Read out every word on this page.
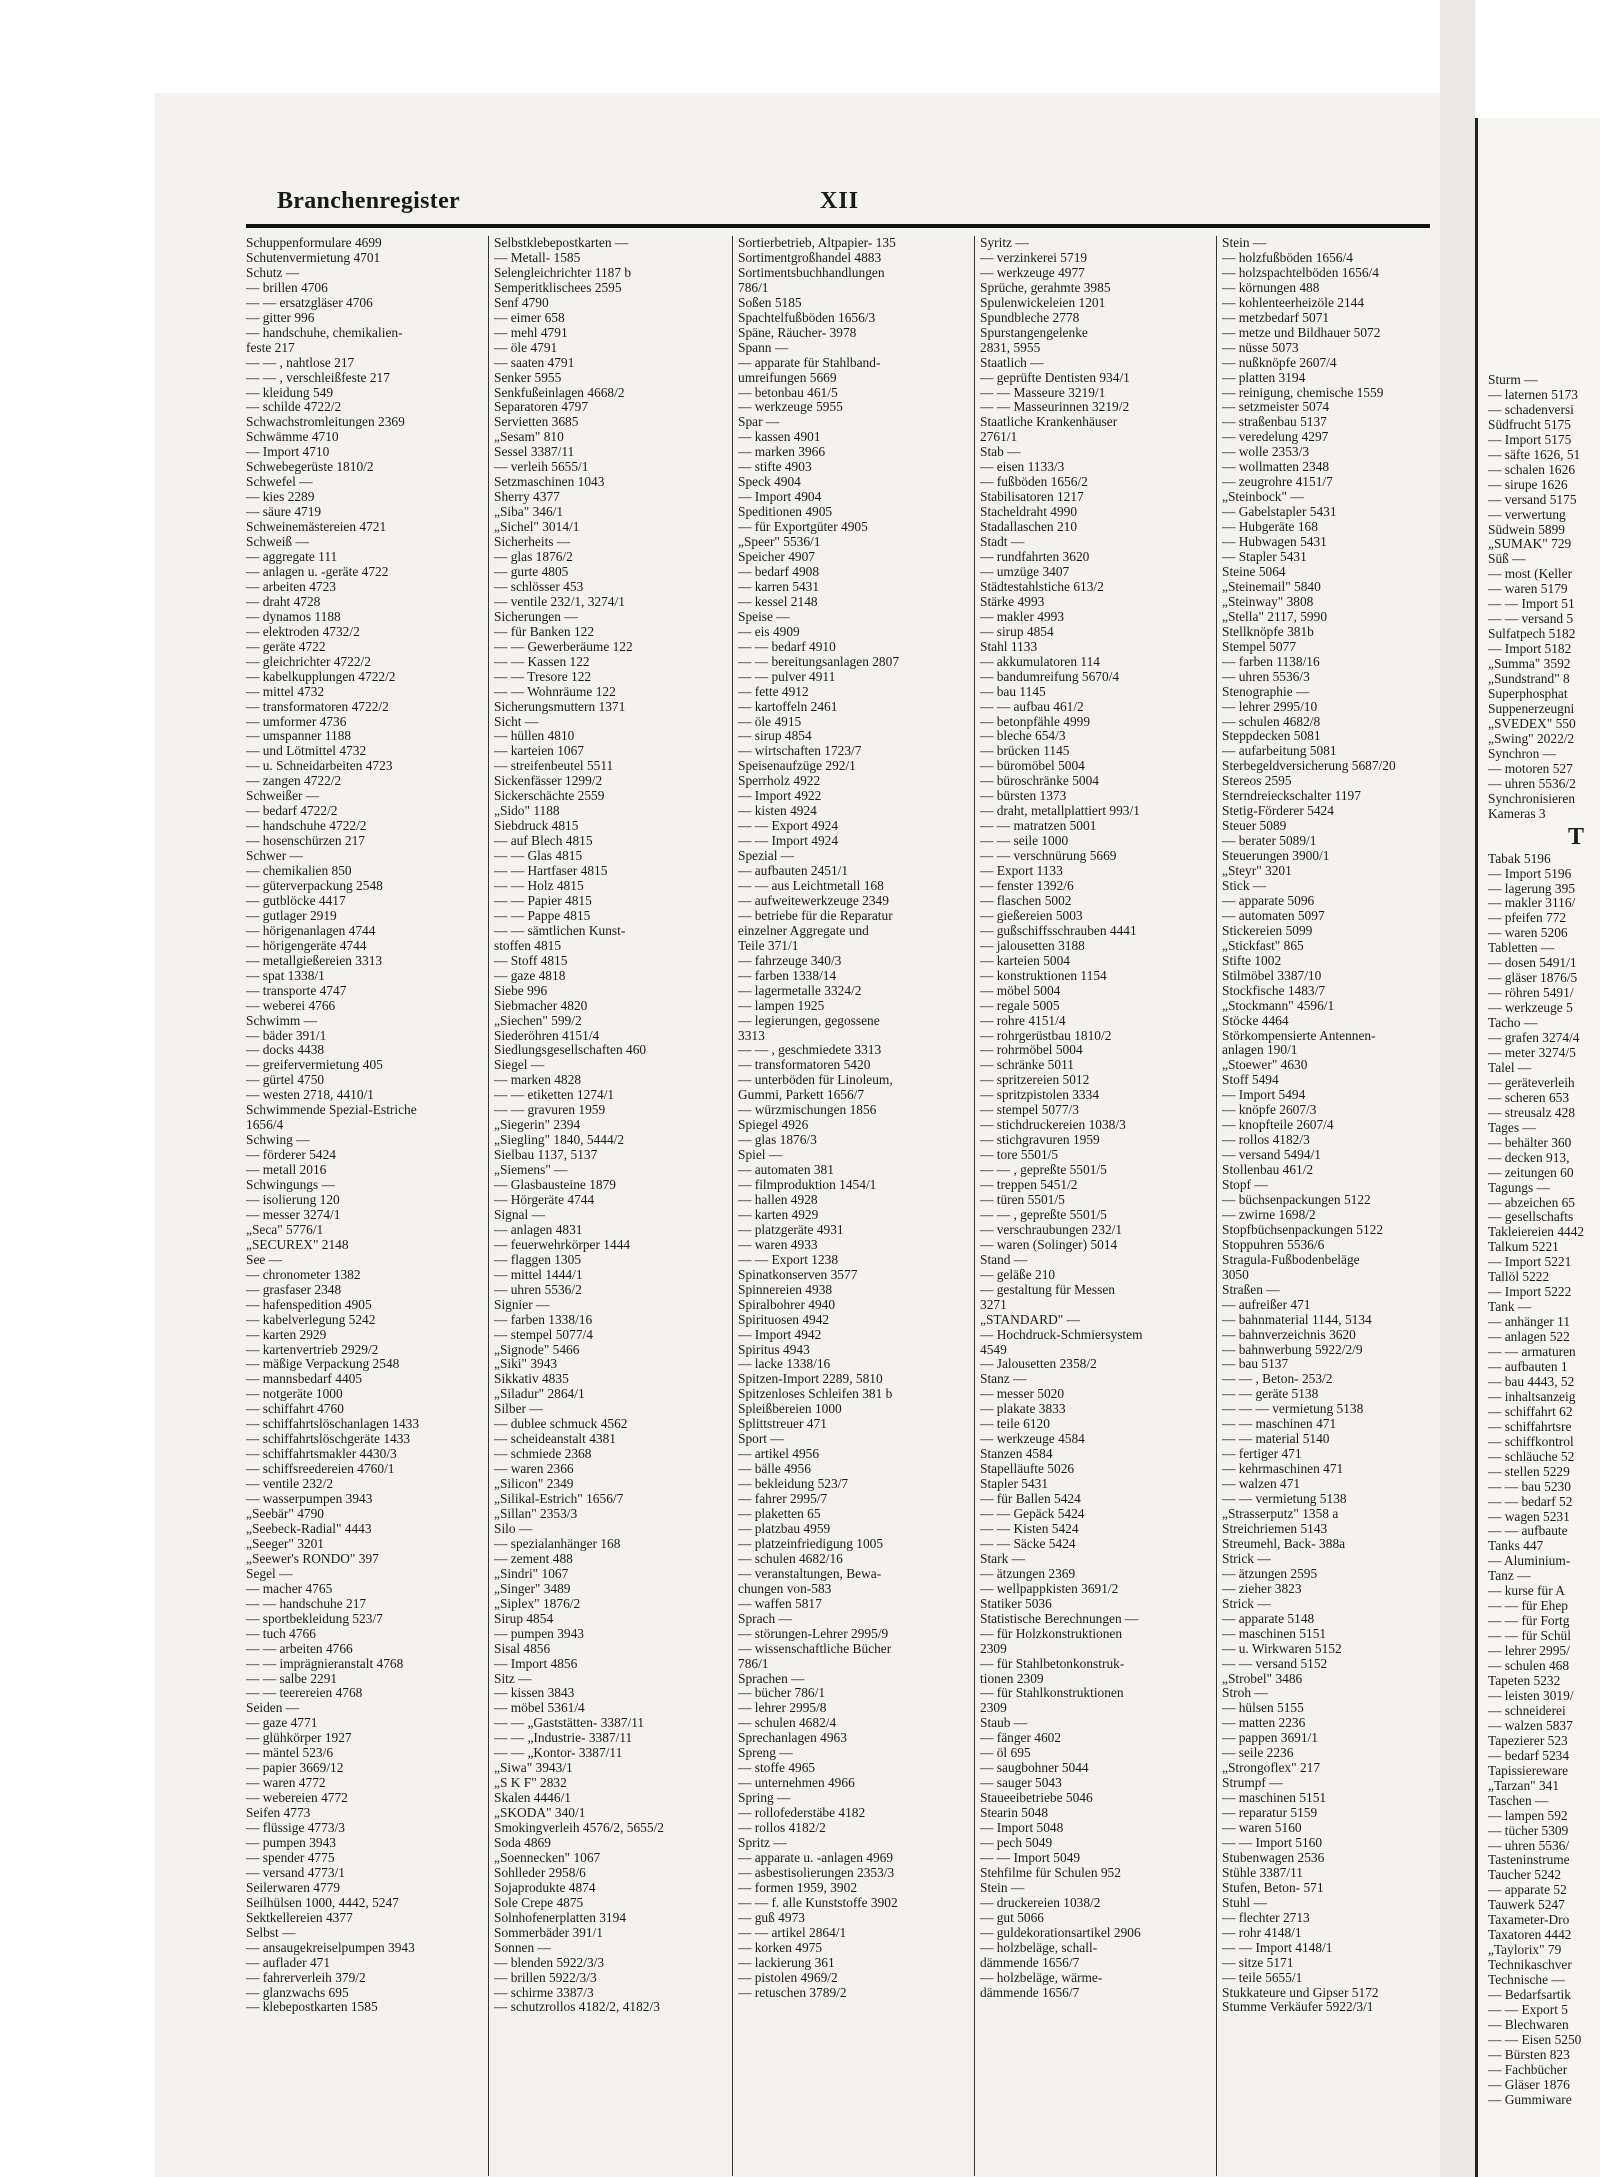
Branchenregister	XII
Schuppenformulare 4699
Schutenvermietung 4701
Schutz —
— brillen 4706
— — ersatzgläser 4706
— gitter 996
— handschuhe, chemikalien-
feste 217
— — , nahtlose 217
— — , verschleißfeste 217
— kleidung 549
— schilde 4722/2
Schwachstromleitungen 2369
Schwämme 4710
— Import 4710
Schwebegerüste 1810/2
Schwefel —
— kies 2289
— säure 4719
Schweinemästereien 4721
Schweiß —
— aggregate 111
— anlagen u. -geräte 4722
— arbeiten 4723
— draht 4728
— dynamos 1188
— elektroden 4732/2
— geräte 4722
— gleichrichter 4722/2
— kabelkupplungen 4722/2
— mittel 4732
— transformatoren 4722/2
— umformer 4736
— umspanner 1188
— und Lötmittel 4732
— u. Schneidarbeiten 4723
— zangen 4722/2
Schweißer —
— bedarf 4722/2
— handschuhe 4722/2
— hosenschürzen 217
Schwer —
— chemikalien 850
— güterverpackung 2548
— gutblöcke 4417
— gutlager 2919
— hörigenanlagen 4744
— hörigengeräte 4744
— metallgießereien 3313
— spat 1338/1
— transporte 4747
— weberei 4766
Schwimm —
— bäder 391/1
— docks 4438
— greifervermietung 405
— gürtel 4750
— westen 2718, 4410/1
Schwimmende Spezial-Estriche
1656/4
Schwing —
— förderer 5424
— metall 2016
Schwingungs —
— isolierung 120
— messer 3274/1
„Seca" 5776/1
„SECUREX" 2148
See —
— chronometer 1382
— grasfaser 2348
— hafenspedition 4905
— kabelverlegung 5242
— karten 2929
— kartenvertrieb 2929/2
— mäßige Verpackung 2548
— mannsbedarf 4405
— notgeräte 1000
— schiffahrt 4760
— schiffahrtslöschanlagen 1433
— schiffahrtslöschgeräte 1433
— schiffahrtsmakler 4430/3
— schiffsreedereien 4760/1
— ventile 232/2
— wasserpumpen 3943
„Seebär" 4790
„Seebeck-Radial" 4443
„Seeger" 3201
„Seewer's RONDO" 397
Segel —
— macher 4765
— — handschuhe 217
— sportbekleidung 523/7
— tuch 4766
— — arbeiten 4766
— — imprägnieranstalt 4768
— — salbe 2291
— — teerereien 4768
Seiden —
— gaze 4771
— glühkörper 1927
— mäntel 523/6
— papier 3669/12
— waren 4772
— webereien 4772
Seifen 4773
— flüssige 4773/3
— pumpen 3943
— spender 4775
— versand 4773/1
Seilerwaren 4779
Seilhülsen 1000, 4442, 5247
Sektkellereien 4377
Selbst —
— ansaugekreiselpumpen 3943
— auflader 471
— fahrerverleih 379/2
— glanzwachs 695
— klebepostkarten 1585
Selbstklebepostkarten —
— Metall- 1585
Selengleichrichter 1187 b
Semperitklischees 2595
Senf 4790
— eimer 658
— mehl 4791
— öle 4791
— saaten 4791
Senker 5955
Senkfußeinlagen 4668/2
Separatoren 4797
Servietten 3685
„Sesam" 810
Sessel 3387/11
— verleih 5655/1
Setzmaschinen 1043
Sherry 4377
„Siba" 346/1
„Sichel" 3014/1
Sicherheits —
— glas 1876/2
— gurte 4805
— schlösser 453
— ventile 232/1, 3274/1
Sicherungen —
— für Banken 122
— — Gewerberäume 122
— — Kassen 122
— — Tresore 122
— — Wohnräume 122
Sicherungsmuttern 1371
Sicht —
— hüllen 4810
— karteien 1067
— streifenbeutel 5511
Sickenfässer 1299/2
Sickerschächte 2559
„Sido" 1188
Siebdruck 4815
— auf Blech 4815
— — Glas 4815
— — Hartfaser 4815
— — Holz 4815
— — Papier 4815
— — Pappe 4815
— — sämtlichen Kunst-
stoffen 4815
— Stoff 4815
— gaze 4818
Siebe 996
Siebmacher 4820
„Siechen" 599/2
Siederöhren 4151/4
Siedlungsgesellschaften 460
Siegel —
— marken 4828
— — etiketten 1274/1
— — gravuren 1959
„Siegerin" 2394
„Siegling" 1840, 5444/2
Sielbau 1137, 5137
„Siemens" —
— Glasbausteine 1879
— Hörgeräte 4744
Signal —
— anlagen 4831
— feuerwehrkörper 1444
— flaggen 1305
— mittel 1444/1
— uhren 5536/2
Signier —
— farben 1338/16
— stempel 5077/4
„Signode" 5466
„Siki" 3943
Sikkativ 4835
„Siladur" 2864/1
Silber —
— dublee schmuck 4562
— scheideanstalt 4381
— schmiede 2368
— waren 2366
„Silicon" 2349
„Silikal-Estrich" 1656/7
„Sillan" 2353/3
Silo —
— spezialanhänger 168
— zement 488
„Sindri" 1067
„Singer" 3489
„Siplex" 1876/2
Sirup 4854
— pumpen 3943
Sisal 4856
— Import 4856
Sitz —
— kissen 3843
— möbel 5361/4
— — „Gaststätten- 3387/11
— — „Industrie- 3387/11
— — „Kontor- 3387/11
„Siwa" 3943/1
„S K F" 2832
Skalen 4446/1
„SKODA" 340/1
Smokingverleih 4576/2, 5655/2
Soda 4869
„Soennecken" 1067
Sohlleder 2958/6
Sojaprodukte 4874
Sole Crepe 4875
Solnhofenerplatten 3194
Sommerbäder 391/1
Sonnen —
— blenden 5922/3/3
— brillen 5922/3/3
— schirme 3387/3
— schutzrollos 4182/2, 4182/3
Sortierbetrieb, Altpapier- 135
Sortimentgroßhandel 4883
Sortimentsbuchhandlungen
786/1
Soßen 5185
Spachtelfußböden 1656/3
Späne, Räucher- 3978
Spann —
— apparate für Stahlband-
umreifungen 5669
— betonbau 461/5
— werkzeuge 5955
Spar —
— kassen 4901
— marken 3966
— stifte 4903
Speck 4904
— Import 4904
Speditionen 4905
— für Exportgüter 4905
„Speer" 5536/1
Speicher 4907
— bedarf 4908
— karren 5431
— kessel 2148
Speise —
— eis 4909
— — bedarf 4910
— — bereitungsanlagen 2807
— — pulver 4911
— fette 4912
— kartoffeln 2461
— öle 4915
— sirup 4854
— wirtschaften 1723/7
Speisenaufzüge 292/1
Sperrholz 4922
— Import 4922
— kisten 4924
— — Export 4924
— — Import 4924
Spezial —
— aufbauten 2451/1
— — aus Leichtmetall 168
— aufweitewerkzeuge 2349
— betriebe für die Reparatur
einzelner Aggregate und
Teile 371/1
— fahrzeuge 340/3
— farben 1338/14
— lagermetalle 3324/2
— lampen 1925
— legierungen, gegossene
3313
— — , geschmiedete 3313
— transformatoren 5420
— unterböden für Linoleum,
Gummi, Parkett 1656/7
— würzmischungen 1856
Spiegel 4926
— glas 1876/3
Spiel —
— automaten 381
— filmproduktion 1454/1
— hallen 4928
— karten 4929
— platzgeräte 4931
— waren 4933
— — Export 1238
Spinatkonserven 3577
Spinnereien 4938
Spiralbohrer 4940
Spirituosen 4942
— Import 4942
Spiritus 4943
— lacke 1338/16
Spitzen-Import 2289, 5810
Spitzenloses Schleifen 381 b
Spleißbereien 1000
Splittstreuer 471
Sport —
— artikel 4956
— bälle 4956
— bekleidung 523/7
— fahrer 2995/7
— plaketten 65
— platzbau 4959
— platzeinfriedigung 1005
— schulen 4682/16
— veranstaltungen, Bewa-
chungen von-583
— waffen 5817
Sprach —
— störungen-Lehrer 2995/9
— wissenschaftliche Bücher
786/1
Sprachen —
— bücher 786/1
— lehrer 2995/8
— schulen 4682/4
Sprechanlagen 4963
Spreng —
— stoffe 4965
— unternehmen 4966
Spring —
— rollofederstäbe 4182
— rollos 4182/2
Spritz —
— apparate u. -anlagen 4969
— asbestisolierungen 2353/3
— formen 1959, 3902
— — f. alle Kunststoffe 3902
— guß 4973
— — artikel 2864/1
— korken 4975
— lackierung 361
— pistolen 4969/2
— retuschen 3789/2
Syritz —
— verzinkerei 5719
— werkzeuge 4977
Sprüche, gerahmte 3985
Spulenwickeleien 1201
Spundbleche 2778
Spurstangengelenke
2831, 5955
Staatlich —
— geprüfte Dentisten 934/1
— — Masseure 3219/1
— — Masseurinnen 3219/2
Staatliche Krankenhäuser
2761/1
Stab —
— eisen 1133/3
— fußböden 1656/2
Stabilisatoren 1217
Stacheldraht 4990
Stadallaschen 210
Stadt —
— rundfahrten 3620
— umzüge 3407
Städtestahlstiche 613/2
Stärke 4993
— makler 4993
— sirup 4854
Stahl 1133
— akkumulatoren 114
— bandumreifung 5670/4
— bau 1145
— — aufbau 461/2
— betonpfähle 4999
— bleche 654/3
— brücken 1145
— büromöbel 5004
— büroschränke 5004
— bürsten 1373
— draht, metallplattiert 993/1
— — matratzen 5001
— — seile 1000
— — verschnürung 5669
— Export 1133
— fenster 1392/6
— flaschen 5002
— gießereien 5003
— gußschiffsschrauben 4441
— jalousetten 3188
— karteien 5004
— konstruktionen 1154
— möbel 5004
— regale 5005
— rohre 4151/4
— rohrgerüstbau 1810/2
— rohrmöbel 5004
— schränke 5011
— spritzereien 5012
— spritzpistolen 3334
— stempel 5077/3
— stichdruckereien 1038/3
— stichgravuren 1959
— tore 5501/5
— — , gepreßte 5501/5
— treppen 5451/2
— türen 5501/5
— — , gepreßte 5501/5
— verschraubungen 232/1
— waren (Solinger) 5014
Stand —
— geläße 210
— gestaltung für Messen
3271
„STANDARD" —
— Hochdruck-Schmiersystem
4549
— Jalousetten 2358/2
Stanz —
— messer 5020
— plakate 3833
— teile 6120
— werkzeuge 4584
Stanzen 4584
Stapelläufte 5026
Stapler 5431
— für Ballen 5424
— — Gepäck 5424
— — Kisten 5424
— — Säcke 5424
Stark —
— ätzungen 2369
— wellpappkisten 3691/2
Statiker 5036
Statistische Berechnungen —
— für Holzkonstruktionen
2309
— für Stahlbetonkonstruk-
tionen 2309
— für Stahlkonstruktionen
2309
Staub —
— fänger 4602
— öl 695
— saugbohner 5044
— sauger 5043
Staueeibetriebe 5046
Stearin 5048
— Import 5048
— pech 5049
— — Import 5049
Stehfilme für Schulen 952
Stein —
— druckereien 1038/2
— gut 5066
— guldekorationsartikel 2906
— holzbeläge, schall-
dämmende 1656/7
— holzbeläge, wärme-
dämmende 1656/7
Stein —
— holzfußböden 1656/4
— holzspachtelböden 1656/4
— körnungen 488
— kohlenteerheizöle 2144
— metzbedarf 5071
— metze und Bildhauer 5072
— nüsse 5073
— nußknöpfe 2607/4
— platten 3194
— reinigung, chemische 1559
— setzmeister 5074
— straßenbau 5137
— veredelung 4297
— wolle 2353/3
— wollmatten 2348
— zeugrohre 4151/7
„Steinbock" —
— Gabelstapler 5431
— Hubgeräte 168
— Hubwagen 5431
— Stapler 5431
Steine 5064
„Steinemail" 5840
„Steinway" 3808
„Stella" 2117, 5990
Stellknöpfe 381b
Stempel 5077
— farben 1138/16
— uhren 5536/3
Stenographie —
— lehrer 2995/10
— schulen 4682/8
Steppdecken 5081
— aufarbeitung 5081
Sterbegeldversicherung 5687/20
Stereos 2595
Sterndreieckschalter 1197
Stetig-Förderer 5424
Steuer 5089
— berater 5089/1
Steuerungen 3900/1
„Steyr" 3201
Stick —
— apparate 5096
— automaten 5097
Stickereien 5099
„Stickfast" 865
Stifte 1002
Stilmöbel 3387/10
Stockfische 1483/7
„Stockmann" 4596/1
Stöcke 4464
Störkompensierte Antennen-
anlagen 190/1
„Stoewer" 4630
Stoff 5494
— Import 5494
— knöpfe 2607/3
— knopfteile 2607/4
— rollos 4182/3
— versand 5494/1
Stollenbau 461/2
Stopf —
— büchsenpackungen 5122
— zwirne 1698/2
Stopfbüchsenpackungen 5122
Stoppuhren 5536/6
Stragula-Fußbodenbeläge
3050
Straßen —
— aufreißer 471
— bahnmaterial 1144, 5134
— bahnverzeichnis 3620
— bahnwerbung 5922/2/9
— bau 5137
— — , Beton- 253/2
— — geräte 5138
— — — vermietung 5138
— — maschinen 471
— — material 5140
— fertiger 471
— kehrmaschinen 471
— walzen 471
— — vermietung 5138
„Strasserputz" 1358 a
Streichriemen 5143
Streumehl, Back- 388a
Strick —
— ätzungen 2595
— zieher 3823
Strick —
— apparate 5148
— maschinen 5151
— u. Wirkwaren 5152
— — versand 5152
„Strobel" 3486
Stroh —
— hülsen 5155
— matten 2236
— pappen 3691/1
— seile 2236
„Strongoflex" 217
Strumpf —
— maschinen 5151
— reparatur 5159
— waren 5160
— — Import 5160
Stubenwagen 2536
Stühle 3387/11
Stufen, Beton- 571
Stuhl —
— flechter 2713
— rohr 4148/1
— — Import 4148/1
— sitze 5171
— teile 5655/1
Stukkateure und Gipser 5172
Stumme Verkäufer 5922/3/1
Sturm —
— laternen 5173
— schadenversi
Südfrucht 5175
— Import 5175
— säfte 1626, 51
— schalen 1626
— sirupe 1626
— versand 5175
— verwertung
Südwein 5899
„SUMAK" 729
Süß —
— most (Keller
— waren 5179
— — Import 51
— — versand 5
Sulfatpech 5182
— Import 5182
„Summa" 3592
„Sundstrand" 8
Superphosphat
Suppenerzeugni
„SVEDEX" 550
„Swing" 2022/2
Synchron —
— motoren 527
— uhren 5536/2
Synchronisieren
Kameras 3
T
Tabak 5196
— Import 5196
— lagerung 395
— makler 3116/
— pfeifen 772
— waren 5206
Tabletten —
— dosen 5491/1
— gläser 1876/5
— röhren 5491/
— werkzeuge 5
Tacho —
— grafen 3274/4
— meter 3274/5
Talel —
— geräteverleih
— scheren 653
— streusalz 428
Tages —
— behälter 360
— decken 913,
— zeitungen 60
Tagungs —
— abzeichen 65
— gesellschafts
Takleiereien 4442
Talkum 5221
— Import 5221
Tallöl 5222
— Import 5222
Tank —
— anhänger 11
— anlagen 522
— — armaturen
— aufbauten 1
— bau 4443, 52
— inhaltsanzeig
— schiffahrt 62
— schiffahrtsre
— schiffkontrol
— schläuche 52
— stellen 5229
— — bau 5230
— — bedarf 52
— wagen 5231
— — aufbaute
Tanks 447
— Aluminium-
Tanz —
— kurse für A
— — für Ehep
— — für Fortg
— — für Schül
— lehrer 2995/
— schulen 468
Tapeten 5232
— leisten 3019/
— schneiderei
— walzen 5837
Tapezierer 523
— bedarf 5234
Tapissiereware
„Tarzan" 341
Taschen —
— lampen 592
— tücher 5309
— uhren 5536/
Tasteninstrume
Taucher 5242
— apparate 52
Tauwerk 5247
Taxameter-Dro
Taxatoren 4442
„Taylorix" 79
Technikaschver
Technische —
— Bedarfsartik
— — Export 5
— Blechwaren
— — Eisen 5250
— Bürsten 823
— Fachbücher
— Gläser 1876
— Gummiware
